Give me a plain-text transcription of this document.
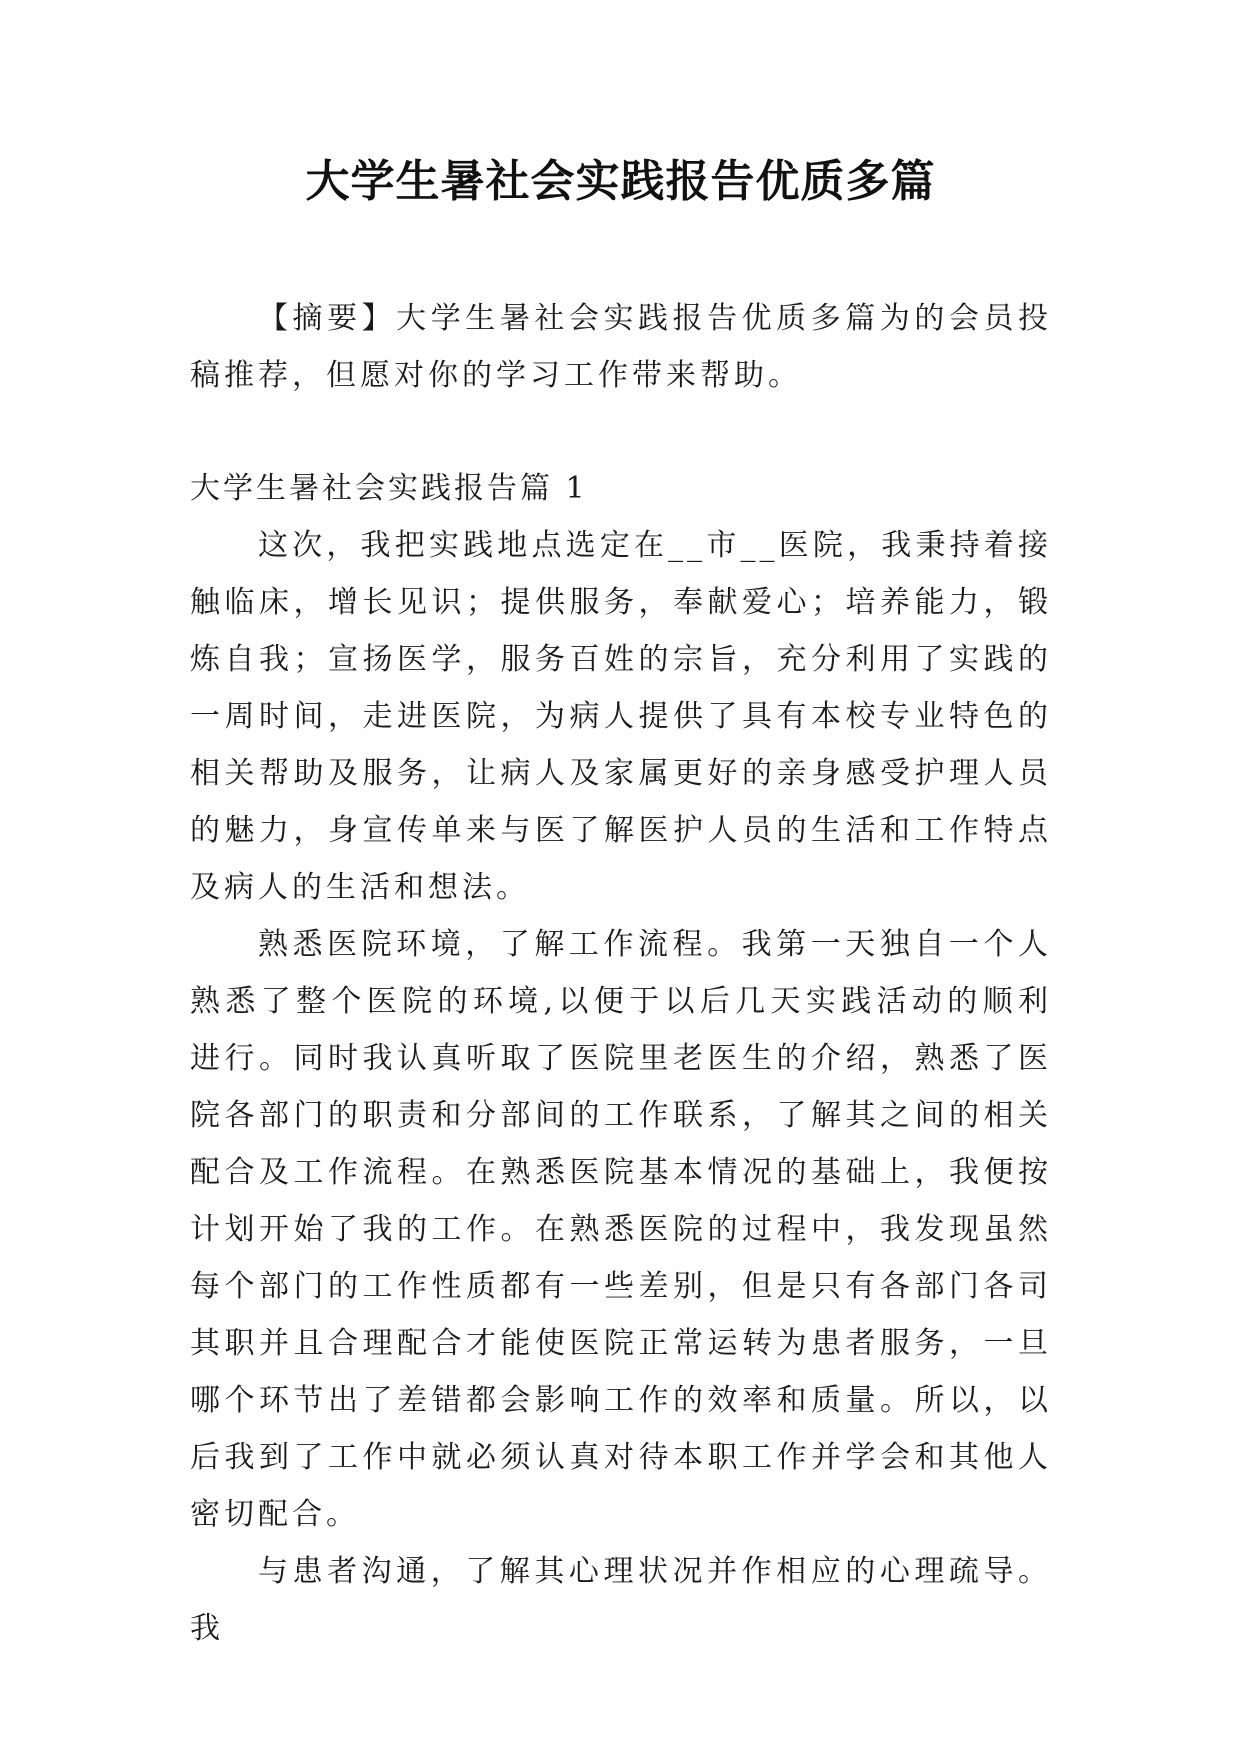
大学生暑社会实践报告优质多篇

【摘要】大学生暑社会实践报告优质多篇为的会员投稿推荐，但愿对你的学习工作带来帮助。

大学生暑社会实践报告篇 1

这次，我把实践地点选定在__市__医院，我秉持着接触临床，增长见识；提供服务，奉献爱心；培养能力，锻炼自我；宣扬医学，服务百姓的宗旨，充分利用了实践的一周时间，走进医院，为病人提供了具有本校专业特色的相关帮助及服务，让病人及家属更好的亲身感受护理人员的魅力，身宣传单来与医了解医护人员的生活和工作特点及病人的生活和想法。

熟悉医院环境，了解工作流程。我第一天独自一个人熟悉了整个医院的环境,以便于以后几天实践活动的顺利进行。同时我认真听取了医院里老医生的介绍，熟悉了医院各部门的职责和分部间的工作联系，了解其之间的相关配合及工作流程。在熟悉医院基本情况的基础上，我便按计划开始了我的工作。在熟悉医院的过程中，我发现虽然每个部门的工作性质都有一些差别，但是只有各部门各司其职并且合理配合才能使医院正常运转为患者服务，一旦哪个环节出了差错都会影响工作的效率和质量。所以，以后我到了工作中就必须认真对待本职工作并学会和其他人密切配合。

与患者沟通，了解其心理状况并作相应的心理疏导。我
